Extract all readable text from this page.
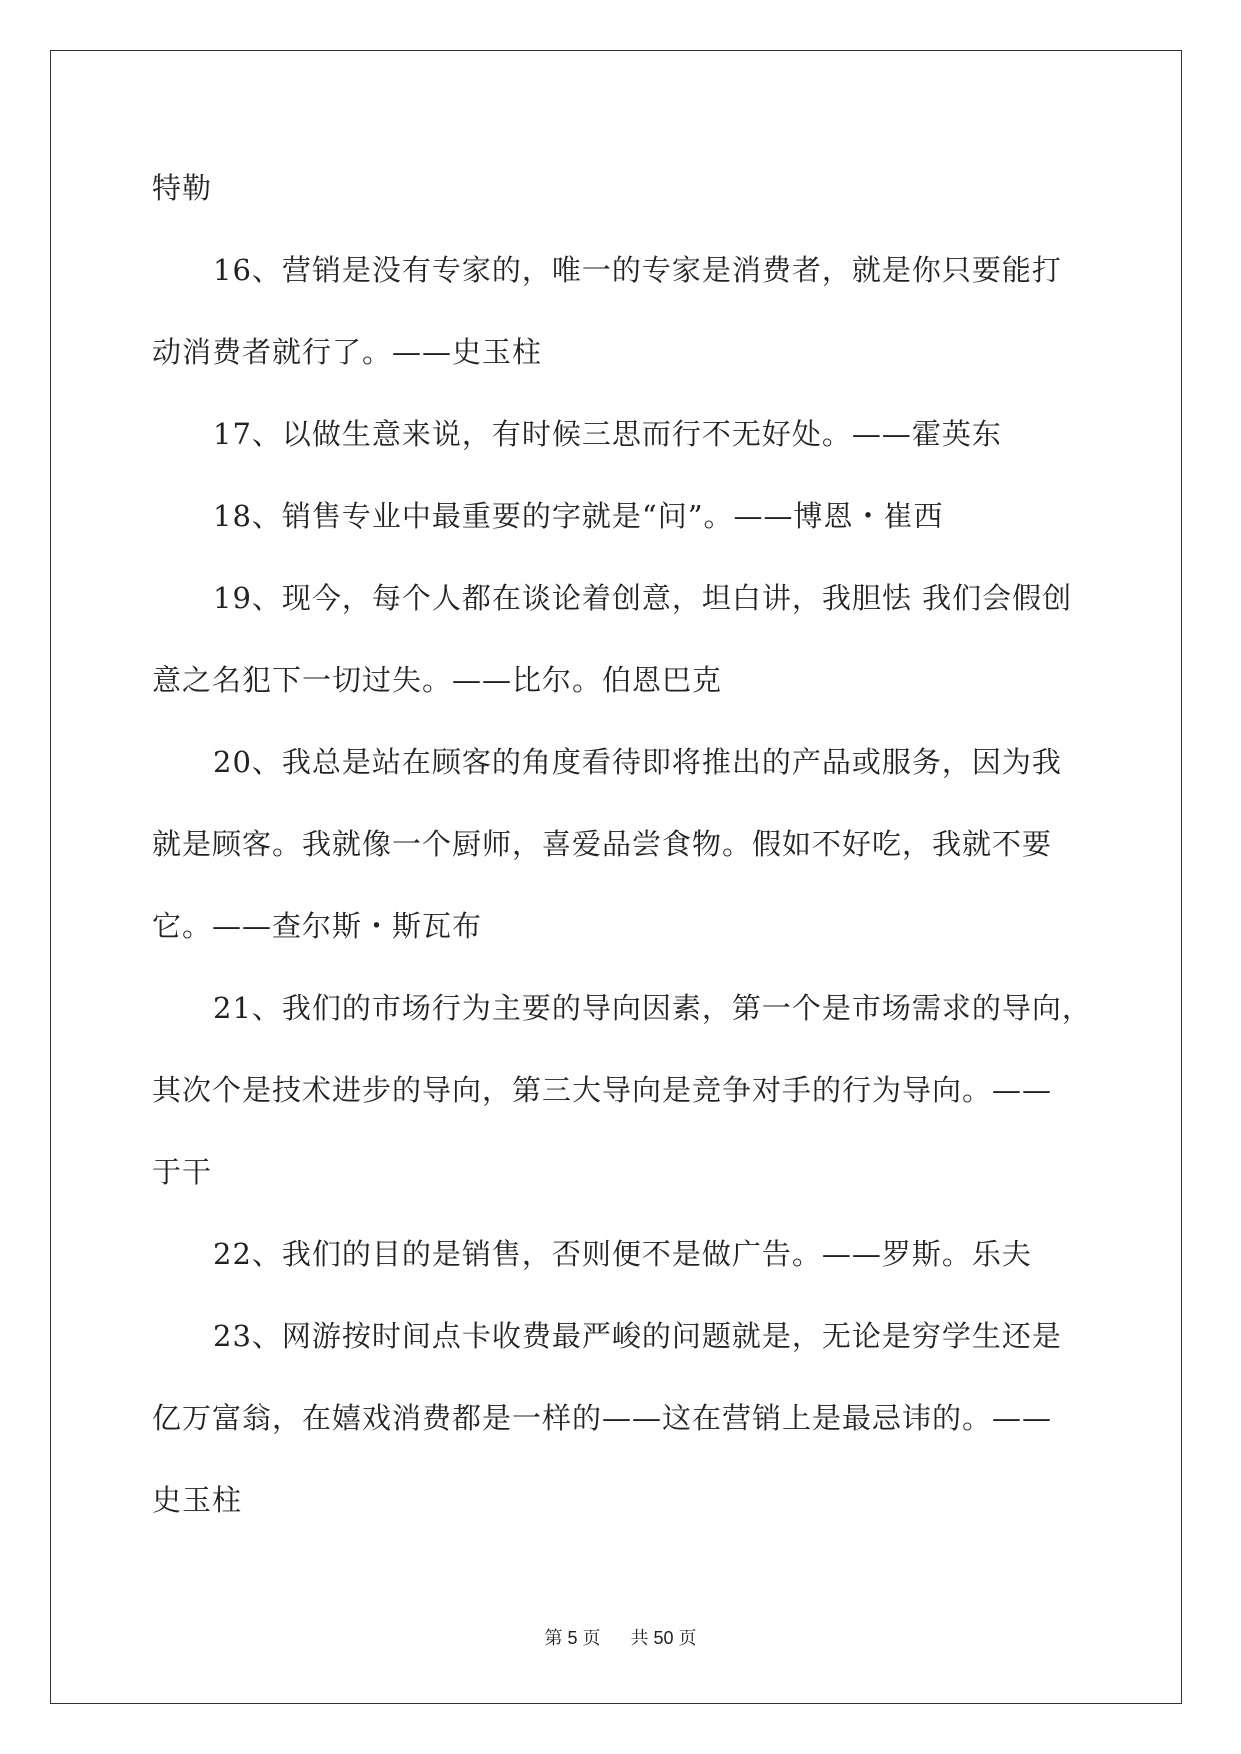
特勒
16、营销是没有专家的，唯一的专家是消费者，就是你只要能打
动消费者就行了。——史玉柱
17、以做生意来说，有时候三思而行不无好处。——霍英东
18、销售专业中最重要的字就是“问”。——博恩・崔西
19、现今，每个人都在谈论着创意，坦白讲，我胆怯 我们会假创
意之名犯下一切过失。——比尔。伯恩巴克
20、我总是站在顾客的角度看待即将推出的产品或服务，因为我
就是顾客。我就像一个厨师，喜爱品尝食物。假如不好吃，我就不要
它。——查尔斯・斯瓦布
21、我们的市场行为主要的导向因素，第一个是市场需求的导向，
其次个是技术进步的导向，第三大导向是竞争对手的行为导向。——
于干
22、我们的目的是销售，否则便不是做广告。——罗斯。乐夫
23、网游按时间点卡收费最严峻的问题就是，无论是穷学生还是
亿万富翁，在嬉戏消费都是一样的——这在营销上是最忌讳的。——
史玉柱
第 5 页 共 50 页
